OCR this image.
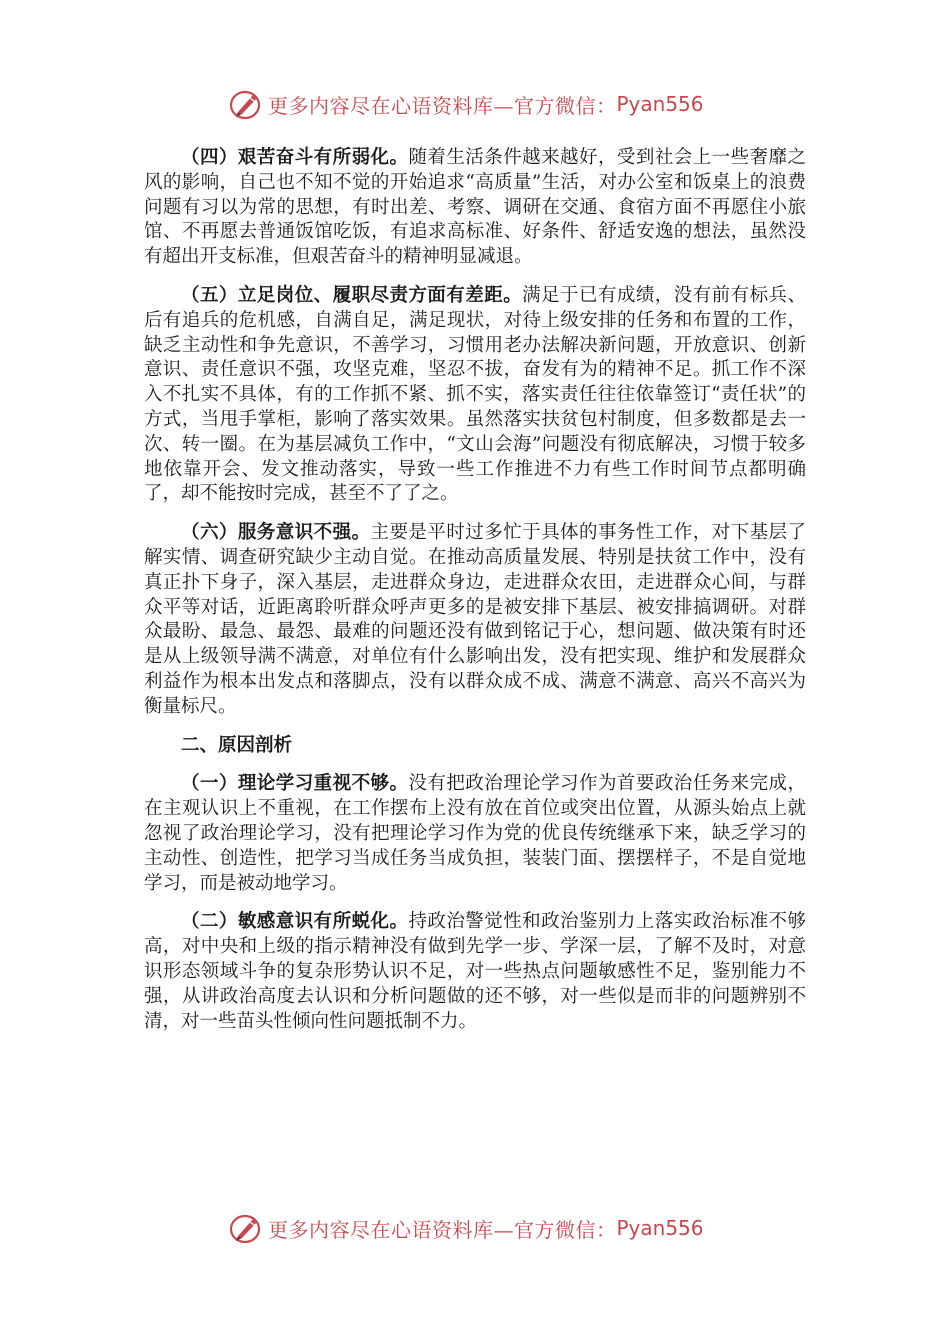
更多内容尽在心语资料库—官方微信： Pyan556

（四）艰苦奋斗有所弱化。随着生活条件越来越好，受到社会上一些奢靡之风的影响，自己也不知不觉的开始追求“高质量”生活，对办公室和饭桌上的浪费问题有习以为常的思想，有时出差、考察、调研在交通、食宿方面不再愿住小旅馆、不再愿去普通饭馆吃饭，有追求高标准、好条件、舒适安逸的想法，虽然没有超出开支标准，但艰苦奋斗的精神明显减退。

（五）立足岗位、履职尽责方面有差距。满足于已有成绩，没有前有标兵、后有追兵的危机感，自满自足，满足现状，对待上级安排的任务和布置的工作，缺乏主动性和争先意识，不善学习，习惯用老办法解决新问题，开放意识、创新意识、责任意识不强，攻坚克难，坚忍不拔，奋发有为的精神不足。抓工作不深入不扎实不具体，有的工作抓不紧、抓不实，落实责任往往依靠签订“责任状”的方式，当甩手掌柜，影响了落实效果。虽然落实扶贫包村制度，但多数都是去一次、转一圈。在为基层减负工作中，“文山会海”问题没有彻底解决，习惯于较多地依靠开会、发文推动落实，导致一些工作推进不力有些工作时间节点都明确了，却不能按时完成，甚至不了了之。

（六）服务意识不强。主要是平时过多忙于具体的事务性工作，对下基层了解实情、调查研究缺少主动自觉。在推动高质量发展、特别是扶贫工作中，没有真正扑下身子，深入基层，走进群众身边，走进群众农田，走进群众心间，与群众平等对话，近距离聆听群众呼声更多的是被安排下基层、被安排搞调研。对群众最盼、最急、最怨、最难的问题还没有做到铭记于心，想问题、做决策有时还是从上级领导满不满意，对单位有什么影响出发，没有把实现、维护和发展群众利益作为根本出发点和落脚点，没有以群众成不成、满意不满意、高兴不高兴为衡量标尺。

二、原因剖析

（一）理论学习重视不够。没有把政治理论学习作为首要政治任务来完成，在主观认识上不重视，在工作摆布上没有放在首位或突出位置，从源头始点上就忽视了政治理论学习，没有把理论学习作为党的优良传统继承下来，缺乏学习的主动性、创造性，把学习当成任务当成负担，装装门面、摆摆样子，不是自觉地学习，而是被动地学习。

（二）敏感意识有所蜕化。持政治警觉性和政治鉴别力上落实政治标准不够高，对中央和上级的指示精神没有做到先学一步、学深一层，了解不及时，对意识形态领域斗争的复杂形势认识不足，对一些热点问题敏感性不足，鉴别能力不强，从讲政治高度去认识和分析问题做的还不够，对一些似是而非的问题辨别不清，对一些苗头性倾向性问题抵制不力。

更多内容尽在心语资料库—官方微信： Pyan556
